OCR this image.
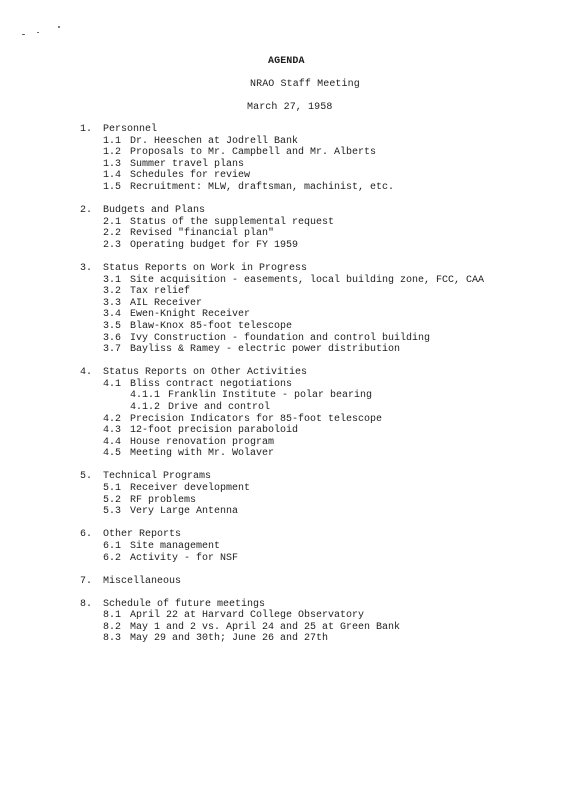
AGENDA
NRAO Staff Meeting
March 27, 1958
1.	Personnel
1.1 Dr. Heeschen at Jodrell Bank
1.2 Proposals to Mr. Campbell and Mr. Alberts
1.3 Summer travel plans
1.4 Schedules for review
1.5 Recruitment: MLW, draftsman, machinist, etc.
2.	Budgets and Plans
2.1 Status of the supplemental request
2.2 Revised "financial plan"
2.3 Operating budget for FY 1959
3.	Status Reports on Work in Progress
3.1 Site acquisition - easements, local building zone, FCC, CAA
3.2 Tax relief
3.3 AIL Receiver
3.4 Ewen-Knight Receiver
3.5 Blaw-Knox 85-foot telescope
3.6 Ivy Construction - foundation and control building
3.7 Bayliss & Ramey - electric power distribution
4.	Status Reports on Other Activities
4.1 Bliss contract negotiations
4.1.1 Franklin Institute - polar bearing
4.1.2 Drive and control
4.2 Precision Indicators for 85-foot telescope
4.3 12-foot precision paraboloid
4.4 House renovation program
4.5 Meeting with Mr. Wolaver
5.	Technical Programs
5.1 Receiver development
5.2 RF problems
5.3 Very Large Antenna
6.	Other Reports
6.1 Site management
6.2 Activity - for NSF
7.	Miscellaneous
8.	Schedule of future meetings
8.1 April 22 at Harvard College Observatory
8.2 May 1 and 2 vs. April 24 and 25 at Green Bank
8.3 May 29 and 30th; June 26 and 27th
